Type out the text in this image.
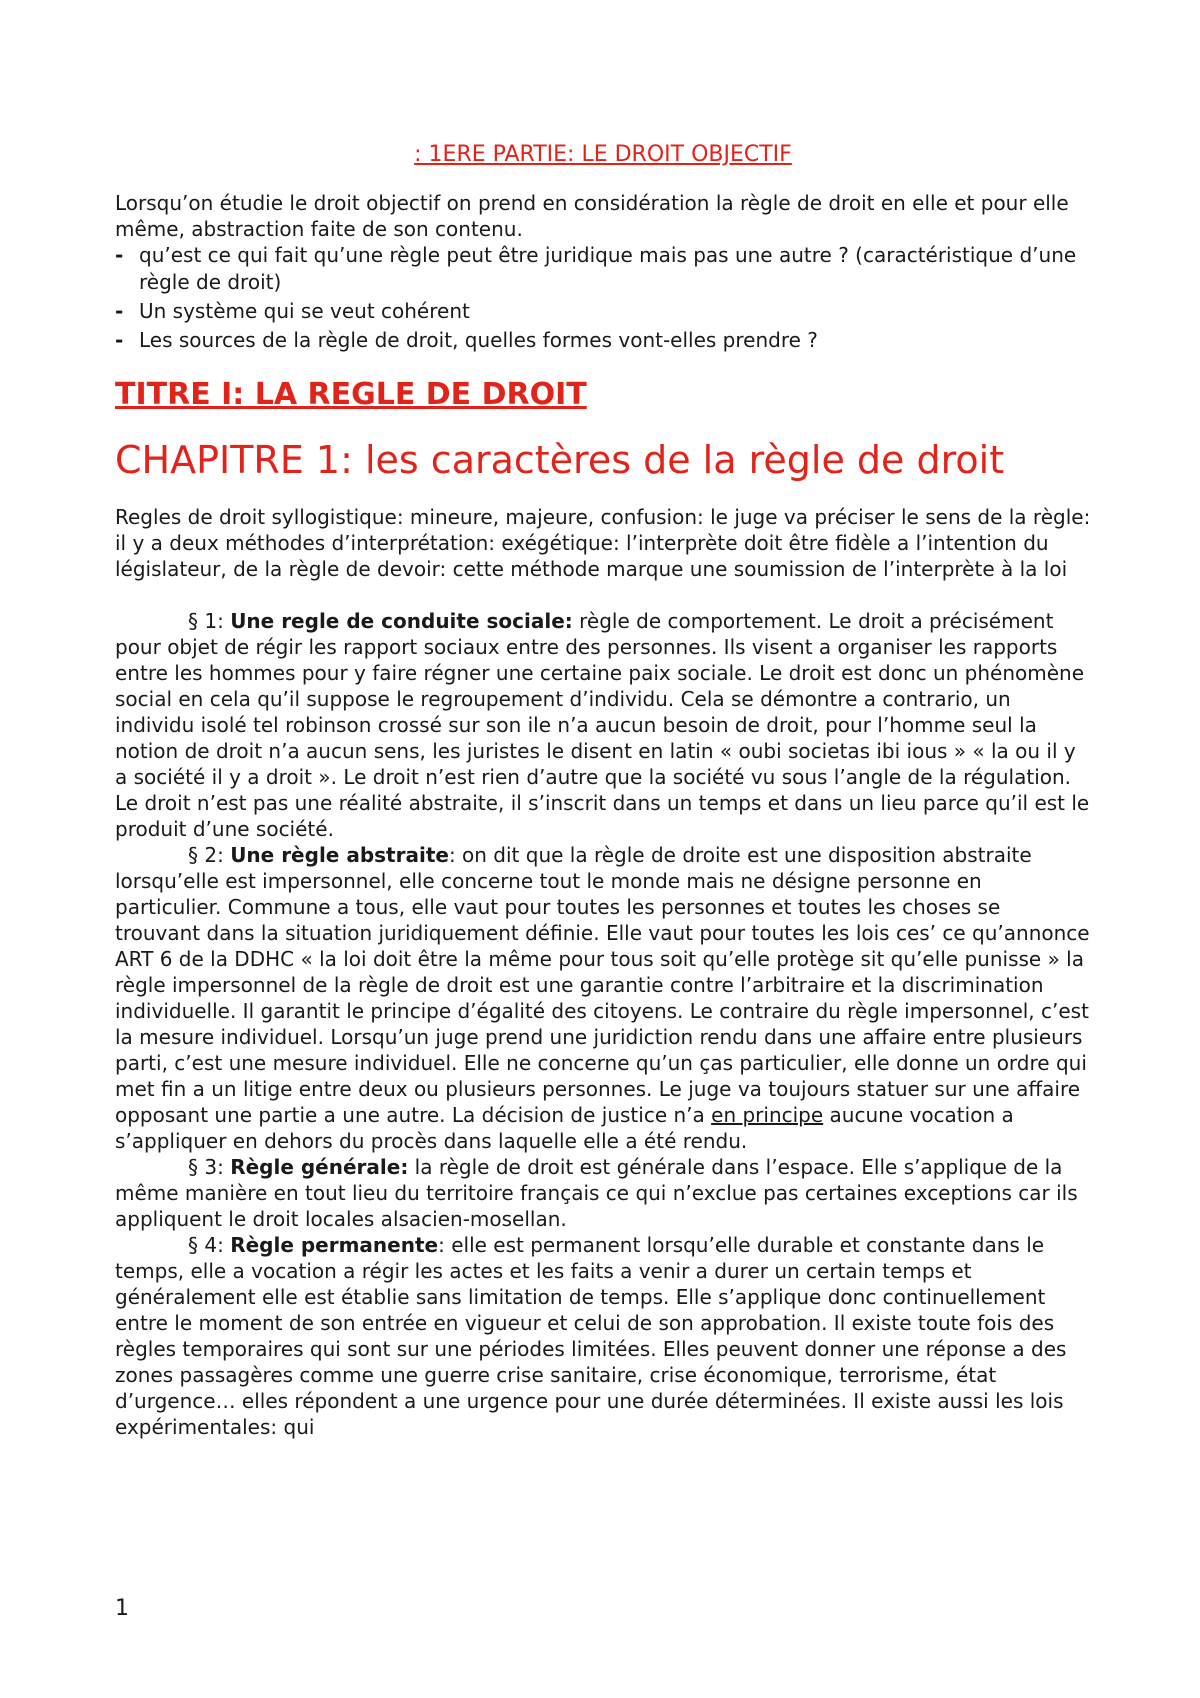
: 1ERE PARTIE: LE DROIT OBJECTIF

Lorsqu’on étudie le droit objectif on prend en considération la règle de droit en elle et pour elle même, abstraction faite de son contenu.

- qu’est ce qui fait qu’une règle peut être juridique mais pas une autre ? (caractéristique d’une règle de droit)
- Un système qui se veut cohérent
- Les sources de la règle de droit, quelles formes vont-elles prendre ?
TITRE I: LA REGLE DE DROIT
CHAPITRE 1: les caractères de la règle de droit

Regles de droit syllogistique: mineure, majeure, confusion: le juge va préciser le sens de la règle: il y a deux méthodes d’interprétation: exégétique: l’interprète doit être fidèle a l’intention du législateur, de la règle de devoir: cette méthode marque une soumission de l’interprète à la loi

§ 1: Une regle de conduite sociale: règle de comportement. Le droit a précisément pour objet de régir les rapport sociaux entre des personnes. Ils visent a organiser les rapports entre les hommes pour y faire régner une certaine paix sociale. Le droit est donc un phénomène social en cela qu’il suppose le regroupement d’individu. Cela se démontre a contrario, un individu isolé tel robinson crossé sur son ile n’a aucun besoin de droit, pour l’homme seul la notion de droit n’a aucun sens, les juristes le disent en latin « oubi societas ibi ious » « la ou il y a société il y a droit ». Le droit n’est rien d’autre que la société vu sous l’angle de la régulation. Le droit n’est pas une réalité abstraite, il s’inscrit dans un temps et dans un lieu parce qu’il est le produit d’une société.

§ 2: Une règle abstraite: on dit que la règle de droite est une disposition abstraite lorsqu’elle est impersonnel, elle concerne tout le monde mais ne désigne personne en particulier. Commune a tous, elle vaut pour toutes les personnes et toutes les choses se trouvant dans la situation juridiquement définie. Elle vaut pour toutes les lois ces’ ce qu’annonce ART 6 de la DDHC « la loi doit être la même pour tous soit qu’elle protège sit qu’elle punisse » la règle impersonnel de la règle de droit est une garantie contre l’arbitraire et la discrimination individuelle. Il garantit le principe d’égalité des citoyens. Le contraire du règle impersonnel, c’est la mesure individuel. Lorsqu’un juge prend une juridiction rendu dans une affaire entre plusieurs parti, c’est une mesure individuel. Elle ne concerne qu’un ças particulier, elle donne un ordre qui met fin a un litige entre deux ou plusieurs personnes. Le juge va toujours statuer sur une affaire opposant une partie a une autre. La décision de justice n’a en principe aucune vocation a s’appliquer en dehors du procès dans laquelle elle a été rendu.

§ 3: Règle générale: la règle de droit est générale dans l’espace. Elle s’applique de la même manière en tout lieu du territoire français ce qui n’exclue pas certaines exceptions car ils appliquent le droit locales alsacien-mosellan.

§ 4: Règle permanente: elle est permanent lorsqu’elle durable et constante dans le temps, elle a vocation a régir les actes et les faits a venir a durer un certain temps et généralement elle est établie sans limitation de temps. Elle s’applique donc continuellement entre le moment de son entrée en vigueur et celui de son approbation. Il existe toute fois des règles temporaires qui sont sur une périodes limitées. Elles peuvent donner une réponse a des zones passagères comme une guerre crise sanitaire, crise économique, terrorisme, état d’urgence… elles répondent a une urgence pour une durée déterminées. Il existe aussi les lois expérimentales: qui

1
